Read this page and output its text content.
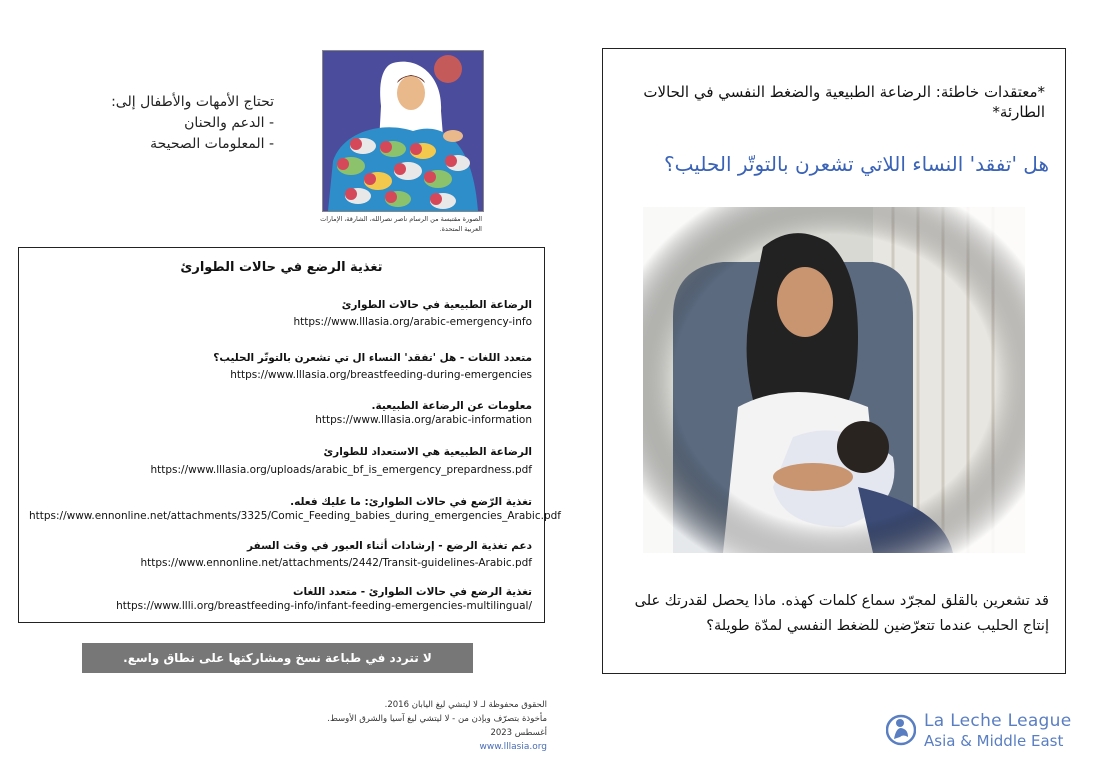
تحتاج الأمهات والأطفال إلى:
- الدعم والحنان
- المعلومات الصحيحة
الصورة مقتبسة من الرسام ناصر نصرالله، الشارقة، الإمارات العربية المتحدة.
تغذية الرضع في حالات الطوارئ
الرضاعة الطبيعية في حالات الطوارئ
https://www.lllasia.org/arabic-emergency-info
متعدد اللغات - هل 'تفقد' النساء ال تي تشعرن بالتوتّر الحليب؟
https://www.lllasia.org/breastfeeding-during-emergencies
معلومات عن الرضاعة الطبيعية.
https://www.lllasia.org/arabic-information
الرضاعة الطبيعية هي الاستعداد للطوارئ
https://www.lllasia.org/uploads/arabic_bf_is_emergency_prepardness.pdf
تغذية الرّضع في حالات الطوارئ: ما عليك فعله.
https://www.ennonline.net/attachments/3325/Comic_Feeding_babies_during_emergencies_Arabic.pdf
دعم تغذية الرضع - إرشادات أثناء العبور في وقت السفر
https://www.ennonline.net/attachments/2442/Transit-guidelines-Arabic.pdf
تغذية الرضع في حالات الطوارئ - متعدد اللغات
https://www.llli.org/breastfeeding-info/infant-feeding-emergencies-multilingual/
لا تتردد في طباعة نسخ ومشاركتها على نطاق واسع.
الحقوق محفوظة لـ لا ليتشي ليغ اليابان 2016.
مأخوذة بتصرّف وبإذن من - لا ليتشي ليغ آسيا والشرق الأوسط.
أغسطس 2023
www.lllasia.org
*معتقدات خاطئة: الرضاعة الطبيعية والضغط النفسي في الحالات الطارئة*
هل 'تفقد' النساء اللاتي تشعرن بالتوتّر الحليب؟
قد تشعرين بالقلق لمجرّد سماع كلمات كهذه. ماذا يحصل لقدرتك على إنتاج الحليب عندما تتعرّضين للضغط النفسي لمدّة طويلة؟
La Leche League
Asia & Middle East
